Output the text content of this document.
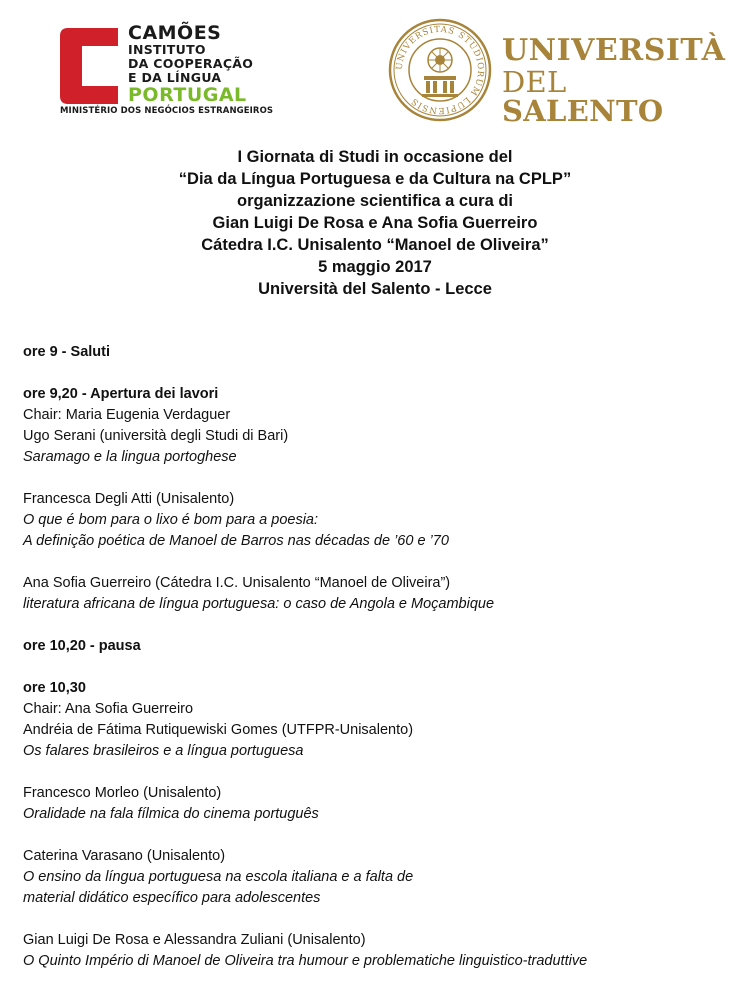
CAMÕES
INSTITUTO
DA COOPERAÇÃO
E DA LÍNGUA
PORTUGAL
MINISTÉRIO DOS NEGÓCIOS ESTRANGEIROS
UNIVERSITAS STUDIORUM LUPIENSIS
UNIVERSITÀ
DEL SALENTO
I Giornata di Studi in occasione del
“Dia da Língua Portuguesa e da Cultura na CPLP”
organizzazione scientifica a cura di
Gian Luigi De Rosa e Ana Sofia Guerreiro
Cátedra I.C. Unisalento “Manoel de Oliveira”
5 maggio 2017
Università del Salento - Lecce

ore 9 - Saluti

ore 9,20 - Apertura dei lavori

Chair: Maria Eugenia Verdaguer

Ugo Serani (università degli Studi di Bari)

Saramago e la lingua portoghese

Francesca Degli Atti (Unisalento)

O que é bom para o lixo é bom para a poesia:

A definição poética de Manoel de Barros nas décadas de ’60 e ’70

Ana Sofia Guerreiro (Cátedra I.C. Unisalento “Manoel de Oliveira”)

literatura africana de língua portuguesa: o caso de Angola e Moçambique

ore 10,20 - pausa

ore 10,30

Chair: Ana Sofia Guerreiro

Andréia de Fátima Rutiquewiski Gomes (UTFPR-Unisalento)

Os falares brasileiros e a língua portuguesa

Francesco Morleo (Unisalento)

Oralidade na fala fílmica do cinema português

Caterina Varasano (Unisalento)

O ensino da língua portuguesa na escola italiana e a falta de

material didático específico para adolescentes

Gian Luigi De Rosa e Alessandra Zuliani (Unisalento)

O Quinto Império di Manoel de Oliveira tra humour e problematiche linguistico-traduttive
